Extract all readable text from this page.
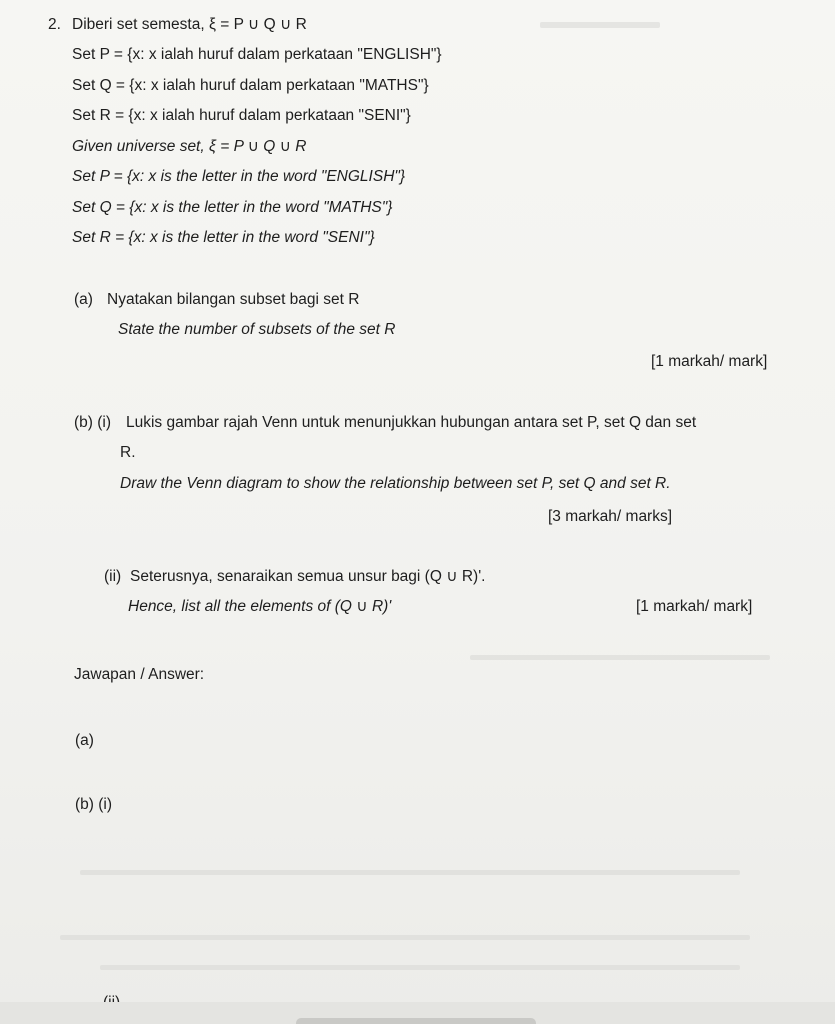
2. Diberi set semesta, ξ = P ∪ Q ∪ R
Set P = {x: x ialah huruf dalam perkataan "ENGLISH"}
Set Q = {x: x ialah huruf dalam perkataan "MATHS"}
Set R = {x: x ialah huruf dalam perkataan "SENI"}
Given universe set, ξ = P ∪ Q ∪ R
Set P = {x: x is the letter in the word "ENGLISH"}
Set Q = {x: x is the letter in the word "MATHS"}
Set R = {x: x is the letter in the word "SENI"}
(a) Nyatakan bilangan subset bagi set R
State the number of subsets of the set R
[1 markah/ mark]
(b) (i) Lukis gambar rajah Venn untuk menunjukkan hubungan antara set P, set Q dan set
R.
Draw the Venn diagram to show the relationship between set P, set Q and set R.
[3 markah/ marks]
(ii) Seterusnya, senaraikan semua unsur bagi (Q ∪ R)'.
Hence, list all the elements of (Q ∪ R)'	[1 markah/ mark]
Jawapan / Answer:
(a)
(b) (i)
